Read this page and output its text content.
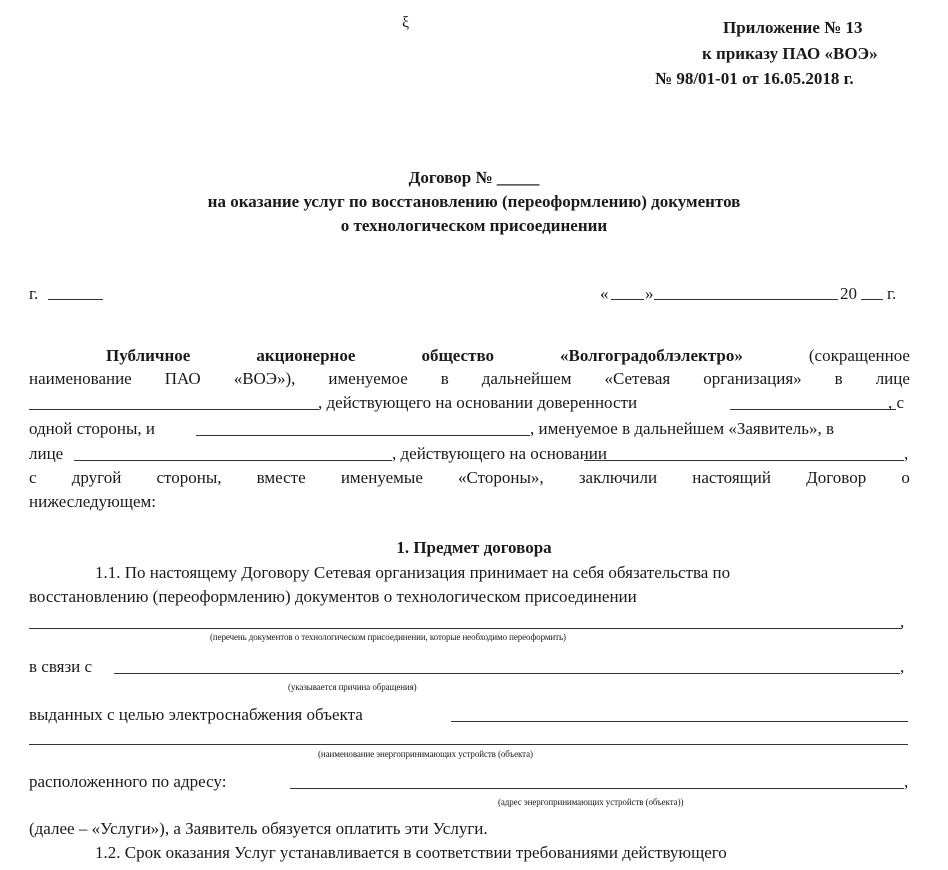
ξ	Приложение № 13
к приказу ПАО «ВОЭ»
№ 98/01-01 от 16.05.2018 г.
Договор № _____
на оказание услуг по восстановлению (переоформлению) документов
о технологическом присоединении
г.	« »	20 г.
Публичное	акционерное	общество	«Волгоградоблэлектро»	(сокращенное
наименование ПАО «ВОЭ»), именуемое в дальнейшем «Сетевая организация» в лице
, действующего на основании доверенности	, с
одной стороны, и	, именуемое в дальнейшем «Заявитель», в
лице	, действующего на основании	,
с другой стороны, вместе именуемые «Стороны», заключили настоящий Договор о
нижеследующем:
1. Предмет договора
1.1. По настоящему Договору Сетевая организация принимает на себя обязательства по
восстановлению (переоформлению) документов о технологическом присоединении
,
(перечень документов о технологическом присоединении, которые необходимо переоформить)
в связи с	,
(указывается причина обращения)
выданных с целью электроснабжения объекта
(наименование энергопринимающих устройств (объекта)
расположенного по адресу:	,
(адрес энергопринимающих устройств (объекта))
(далее – «Услуги»), а Заявитель обязуется оплатить эти Услуги.
1.2. Срок оказания Услуг устанавливается в соответствии требованиями действующего
